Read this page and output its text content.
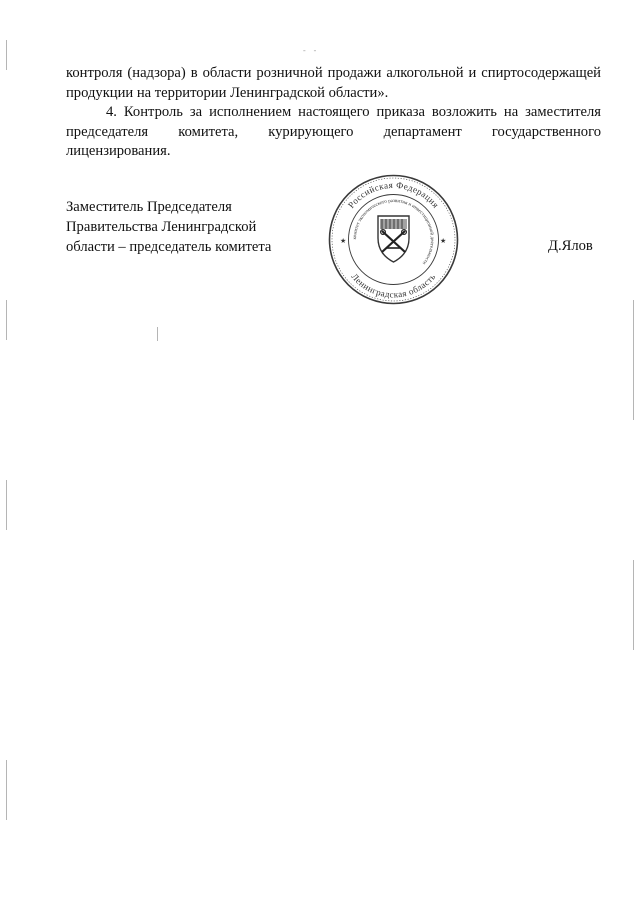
- -

контроля (надзора) в области розничной продажи алкогольной и спиртосодержащей
продукции на территории Ленинградской области».

4. Контроль за исполнением настоящего приказа возложить на заместителя
председателя комитета, курирующего департамент государственного
лицензирования.

Заместитель Председателя
Правительства Ленинградской
области – председатель комитета
Российская Федерация
Ленинградская область
комитет экономического развития и инвестиционной деятельности
★	★	Д.Ялов
